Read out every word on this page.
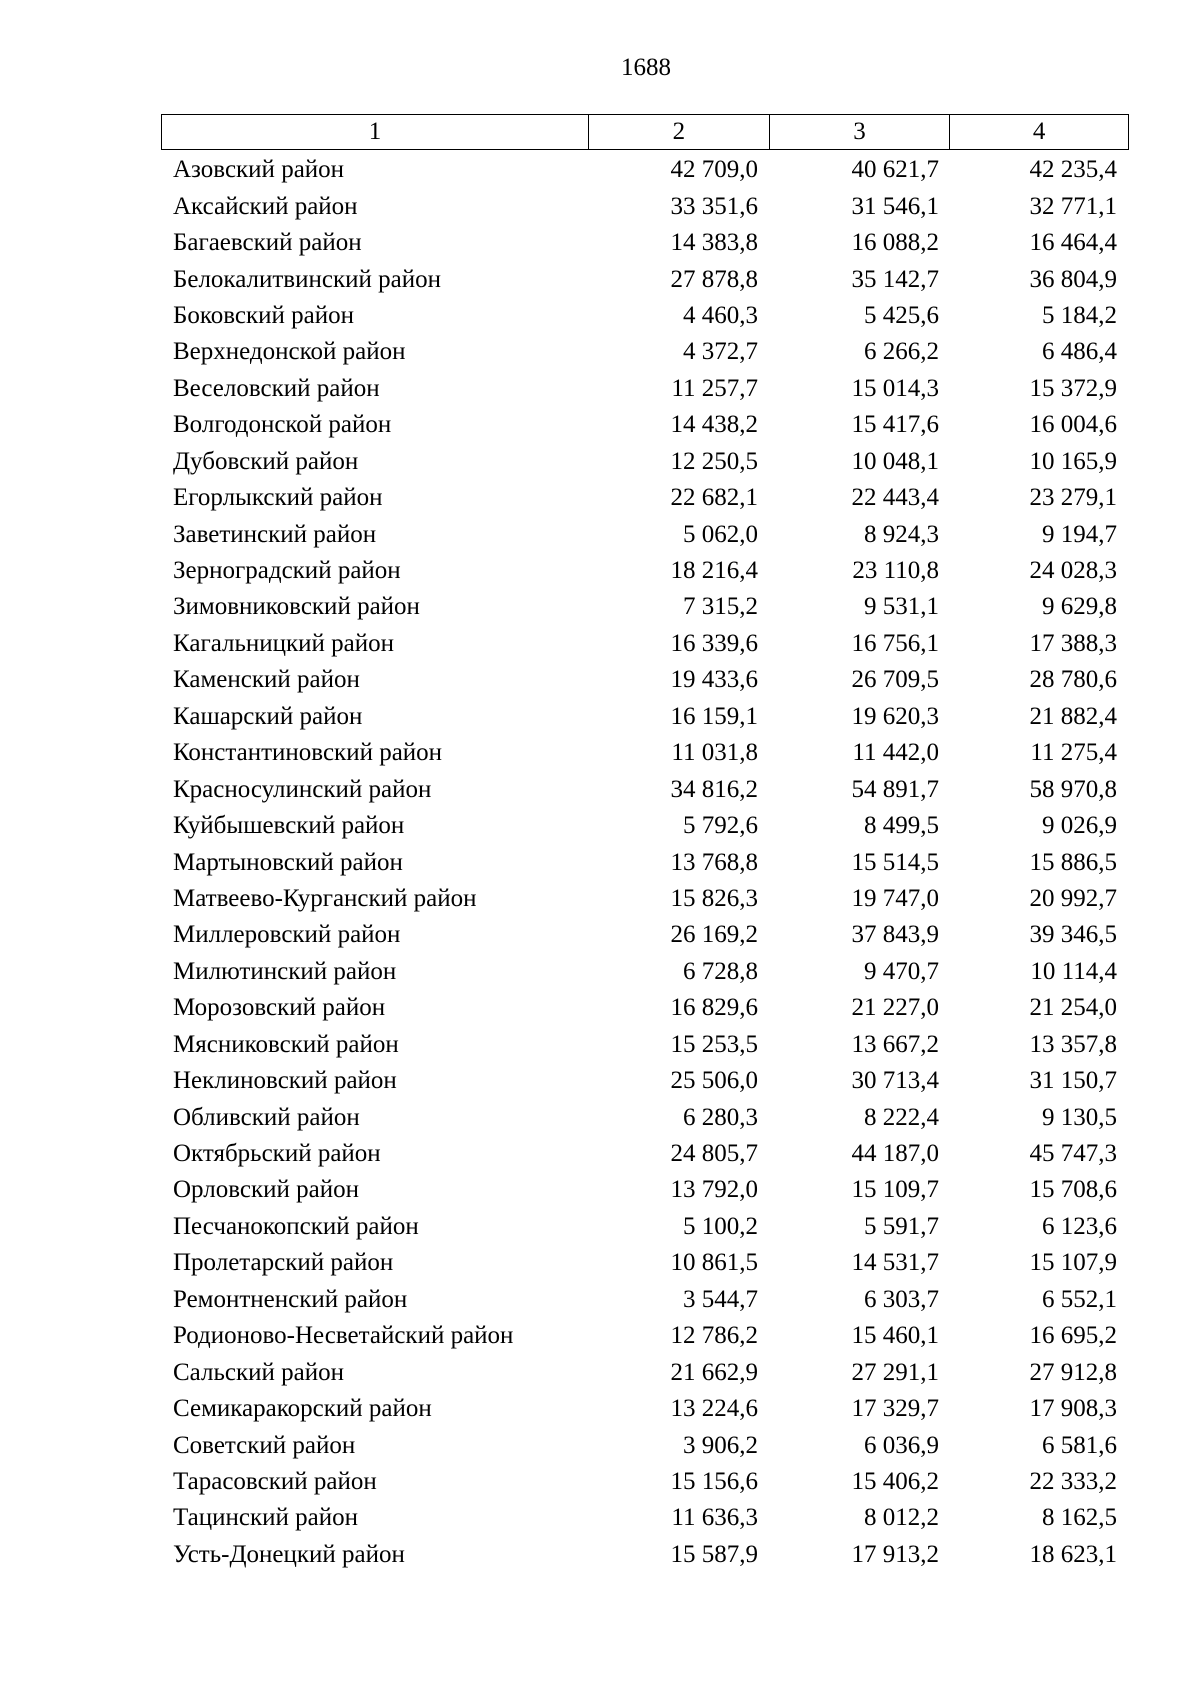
1688
1	2	3	4
Азовский район	42 709,0	40 621,7	42 235,4
Аксайский район	33 351,6	31 546,1	32 771,1
Багаевский район	14 383,8	16 088,2	16 464,4
Белокалитвинский район	27 878,8	35 142,7	36 804,9
Боковский район	4 460,3	5 425,6	5 184,2
Верхнедонской район	4 372,7	6 266,2	6 486,4
Веселовский район	11 257,7	15 014,3	15 372,9
Волгодонской район	14 438,2	15 417,6	16 004,6
Дубовский район	12 250,5	10 048,1	10 165,9
Егорлыкский район	22 682,1	22 443,4	23 279,1
Заветинский район	5 062,0	8 924,3	9 194,7
Зерноградский район	18 216,4	23 110,8	24 028,3
Зимовниковский район	7 315,2	9 531,1	9 629,8
Кагальницкий район	16 339,6	16 756,1	17 388,3
Каменский район	19 433,6	26 709,5	28 780,6
Кашарский район	16 159,1	19 620,3	21 882,4
Константиновский район	11 031,8	11 442,0	11 275,4
Красносулинский район	34 816,2	54 891,7	58 970,8
Куйбышевский район	5 792,6	8 499,5	9 026,9
Мартыновский район	13 768,8	15 514,5	15 886,5
Матвеево-Курганский район	15 826,3	19 747,0	20 992,7
Миллеровский район	26 169,2	37 843,9	39 346,5
Милютинский район	6 728,8	9 470,7	10 114,4
Морозовский район	16 829,6	21 227,0	21 254,0
Мясниковский район	15 253,5	13 667,2	13 357,8
Неклиновский район	25 506,0	30 713,4	31 150,7
Обливский район	6 280,3	8 222,4	9 130,5
Октябрьский район	24 805,7	44 187,0	45 747,3
Орловский район	13 792,0	15 109,7	15 708,6
Песчанокопский район	5 100,2	5 591,7	6 123,6
Пролетарский район	10 861,5	14 531,7	15 107,9
Ремонтненский район	3 544,7	6 303,7	6 552,1
Родионово-Несветайский район	12 786,2	15 460,1	16 695,2
Сальский район	21 662,9	27 291,1	27 912,8
Семикаракорский район	13 224,6	17 329,7	17 908,3
Советский район	3 906,2	6 036,9	6 581,6
Тарасовский район	15 156,6	15 406,2	22 333,2
Тацинский район	11 636,3	8 012,2	8 162,5
Усть-Донецкий район	15 587,9	17 913,2	18 623,1
